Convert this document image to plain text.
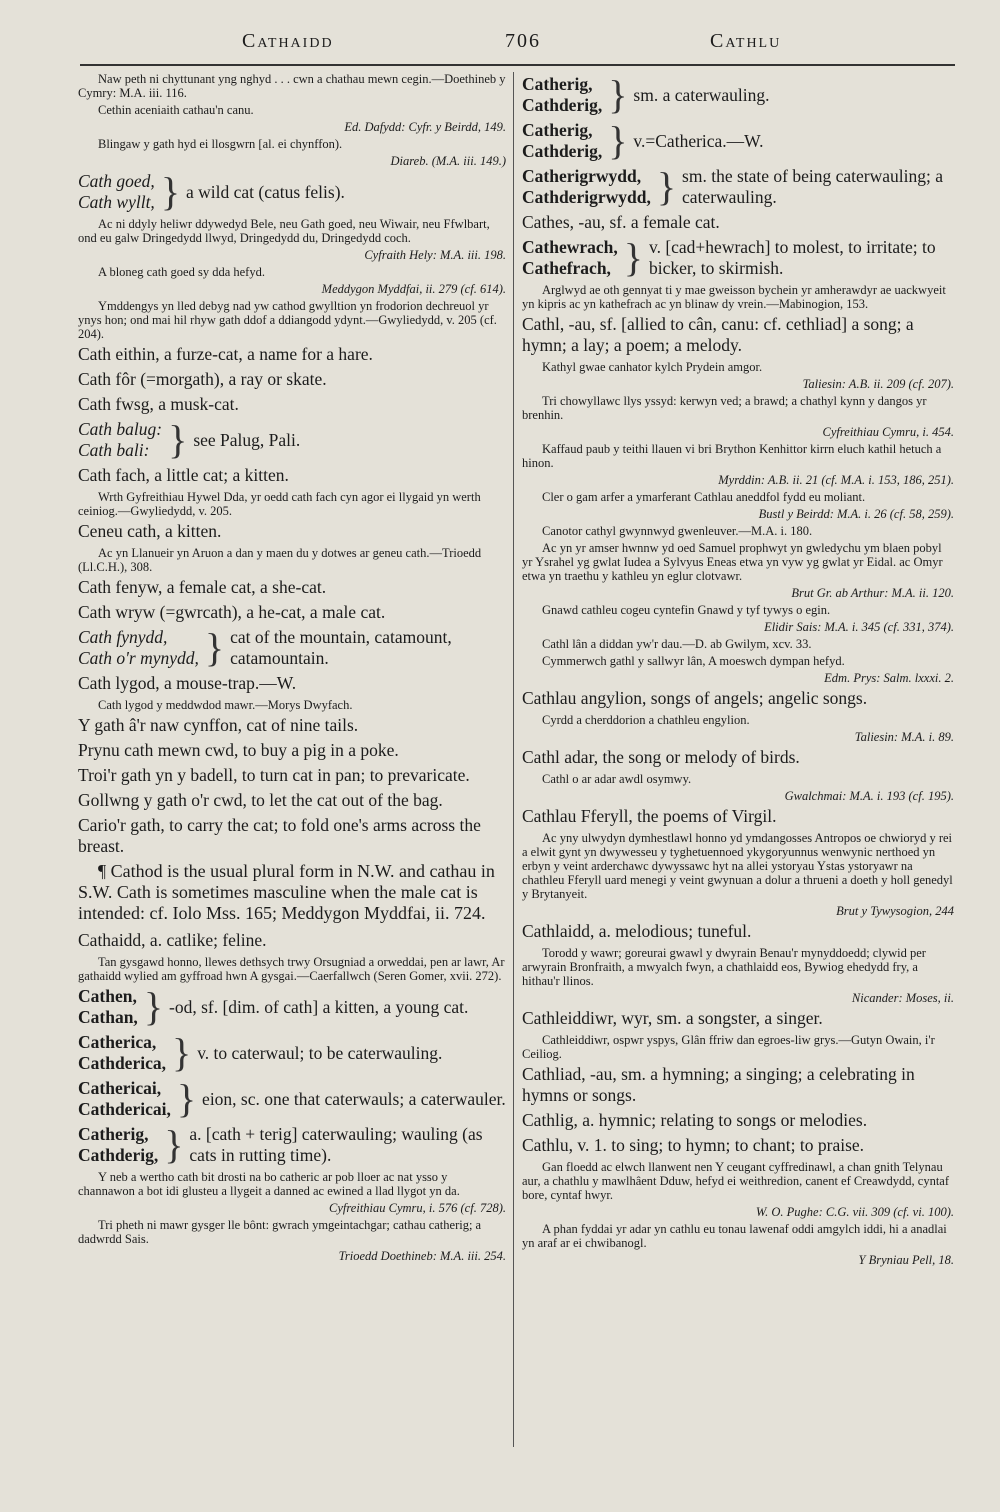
Cathaidd	706	Cathlu

Naw peth ni chyttunant yng nghyd . . . cwn a chathau mewn cegin.—Doethineb y Cymry: M.A. iii. 116.

Cethin aceniaith cathau'n canu.

Ed. Dafydd: Cyfr. y Beirdd, 149.

Blingaw y gath hyd ei llosgwrn [al. ei chynffon).

Diareb. (M.A. iii. 149.)

Cath goed,
Cath wyllt, } a wild cat (catus felis).

Ac ni ddyly heliwr ddywedyd Bele, neu Gath goed, neu Wiwair, neu Ffwlbart, ond eu galw Dringedydd llwyd, Dringedydd du, Dringedydd coch.

Cyfraith Hely: M.A. iii. 198.

A bloneg cath goed sy dda hefyd.

Meddygon Myddfai, ii. 279 (cf. 614).

Ymddengys yn lled debyg nad yw cathod gwylltion yn frodorion dechreuol yr ynys hon; ond mai hil rhyw gath ddof a ddiangodd ydynt.—Gwyliedydd, v. 205 (cf. 204).

Cath eithin, a furze-cat, a name for a hare.

Cath fôr (=morgath), a ray or skate.

Cath fwsg, a musk-cat.

Cath balug:
Cath bali: } see Palug, Pali.

Cath fach, a little cat; a kitten.

Wrth Gyfreithiau Hywel Dda, yr oedd cath fach cyn agor ei llygaid yn werth ceiniog.—Gwyliedydd, v. 205.

Ceneu cath, a kitten.

Ac yn Llanueir yn Aruon a dan y maen du y dotwes ar geneu cath.—Trioedd (Ll.C.H.), 308.

Cath fenyw, a female cat, a she-cat.

Cath wryw (=gwrcath), a he-cat, a male cat.

Cath fynydd,
Cath o'r mynydd, } cat of the mountain, catamount, catamountain.

Cath lygod, a mouse-trap.—W.

Cath lygod y meddwdod mawr.—Morys Dwyfach.

Y gath â'r naw cynffon, cat of nine tails.

Prynu cath mewn cwd, to buy a pig in a poke.

Troi'r gath yn y badell, to turn cat in pan; to prevaricate.

Gollwng y gath o'r cwd, to let the cat out of the bag.

Cario'r gath, to carry the cat; to fold one's arms across the breast.

¶ Cathod is the usual plural form in N.W. and cathau in S.W. Cath is sometimes masculine when the male cat is intended: cf. Iolo Mss. 165; Meddygon Myddfai, ii. 724.

Cathaidd, a. catlike; feline.

Tan gysgawd honno, llewes dethsych trwy Orsugniad a orweddai, pen ar lawr, Ar gathaidd wylied am gyffroad hwn A gysgai.—Caerfallwch (Seren Gomer, xvii. 272).

Cathen,
Cathan, } -od, sf. [dim. of cath] a kitten, a young cat.
Catherica,
Cathderica, } v. to caterwaul; to be caterwauling.
Cathericai,
Cathdericai, } eion, sc. one that caterwauls; a caterwauler.
Catherig,
Cathderig, } a. [cath + terig] caterwauling; wauling (as cats in rutting time).

Y neb a wertho cath bit drosti na bo catheric ar pob lloer ac nat ysso y channawon a bot idi glusteu a llygeit a danned ac ewined a llad llygot yn da.

Cyfreithiau Cymru, i. 576 (cf. 728).

Tri pheth ni mawr gysger lle bônt: gwrach ymgeintachgar; cathau catherig; a dadwrdd Sais.

Trioedd Doethineb: M.A. iii. 254.

Catherig,
Cathderig, } sm. a caterwauling.
Catherig,
Cathderig, } v.=Catherica.—W.
Catherigrwydd,
Cathderigrwydd, } sm. the state of being caterwauling; a caterwauling.

Cathes, -au, sf. a female cat.

Cathewrach,
Cathefrach, } v. [cad+hewrach] to molest, to irritate; to bicker, to skirmish.

Arglwyd ae oth gennyat ti y mae gweisson bychein yr amherawdyr ae uackwyeit yn kipris ac yn kathefrach ac yn blinaw dy vrein.—Mabinogion, 153.

Cathl, -au, sf. [allied to cân, canu: cf. cethliad] a song; a hymn; a lay; a poem; a melody.

Kathyl gwae canhator kylch Prydein amgor.

Taliesin: A.B. ii. 209 (cf. 207).

Tri chowyllawc llys yssyd: kerwyn ved; a brawd; a chathyl kynn y dangos yr brenhin.

Cyfreithiau Cymru, i. 454.

Kaffaud paub y teithi llauen vi bri Brython Kenhittor kirrn eluch kathil hetuch a hinon.

Myrddin: A.B. ii. 21 (cf. M.A. i. 153, 186, 251).

Cler o gam arfer a ymarferant Cathlau aneddfol fydd eu moliant.

Bustl y Beirdd: M.A. i. 26 (cf. 58, 259).

Canotor cathyl gwynnwyd gwenleuver.—M.A. i. 180.

Ac yn yr amser hwnnw yd oed Samuel prophwyt yn gwledychu ym blaen pobyl yr Ysrahel yg gwlat Iudea a Sylvyus Eneas etwa yn vyw yg gwlat yr Eidal. ac Omyr etwa yn traethu y kathleu yn eglur clotvawr.

Brut Gr. ab Arthur: M.A. ii. 120.

Gnawd cathleu cogeu cyntefin Gnawd y tyf tywys o egin.

Elidir Sais: M.A. i. 345 (cf. 331, 374).

Cathl lân a diddan yw'r dau.—D. ab Gwilym, xcv. 33.

Cymmerwch gathl y sallwyr lân, A moeswch dympan hefyd.

Edm. Prys: Salm. lxxxi. 2.

Cathlau angylion, songs of angels; angelic songs.

Cyrdd a cherddorion a chathleu engylion.

Taliesin: M.A. i. 89.

Cathl adar, the song or melody of birds.

Cathl o ar adar awdl osymwy.

Gwalchmai: M.A. i. 193 (cf. 195).

Cathlau Fferyll, the poems of Virgil.

Ac yny ulwydyn dymhestlawl honno yd ymdangosses Antropos oe chwioryd y rei a elwit gynt yn dwywesseu y tyghetuennoed ykygoryunnus wenwynic nerthoed yn erbyn y veint arderchawc dywyssawc hyt na allei ystoryau Ystas ystoryawr na chathleu Fferyll uard menegi y veint gwynuan a dolur a thrueni a doeth y holl genedyl y Brytanyeit.

Brut y Tywysogion, 244

Cathlaidd, a. melodious; tuneful.

Torodd y wawr; goreurai gwawl y dwyrain Benau'r mynyddoedd; clywid per arwyrain Bronfraith, a mwyalch fwyn, a chathlaidd eos, Bywiog ehedydd fry, a hithau'r llinos.

Nicander: Moses, ii.

Cathleiddiwr, wyr, sm. a songster, a singer.

Cathleiddiwr, ospwr yspys, Glân ffriw dan egroes-liw grys.—Gutyn Owain, i'r Ceiliog.

Cathliad, -au, sm. a hymning; a singing; a celebrating in hymns or songs.

Cathlig, a. hymnic; relating to songs or melodies.

Cathlu, v. 1. to sing; to hymn; to chant; to praise.

Gan floedd ac elwch llanwent nen Y ceugant cyffredinawl, a chan gnith Telynau aur, a chathlu y mawlhâent Dduw, hefyd ei weithredion, canent ef Creawdydd, cyntaf bore, cyntaf hwyr.

W. O. Pughe: C.G. vii. 309 (cf. vi. 100).

A phan fyddai yr adar yn cathlu eu tonau lawenaf oddi amgylch iddi, hi a anadlai yn araf ar ei chwibanogl.

Y Bryniau Pell, 18.
